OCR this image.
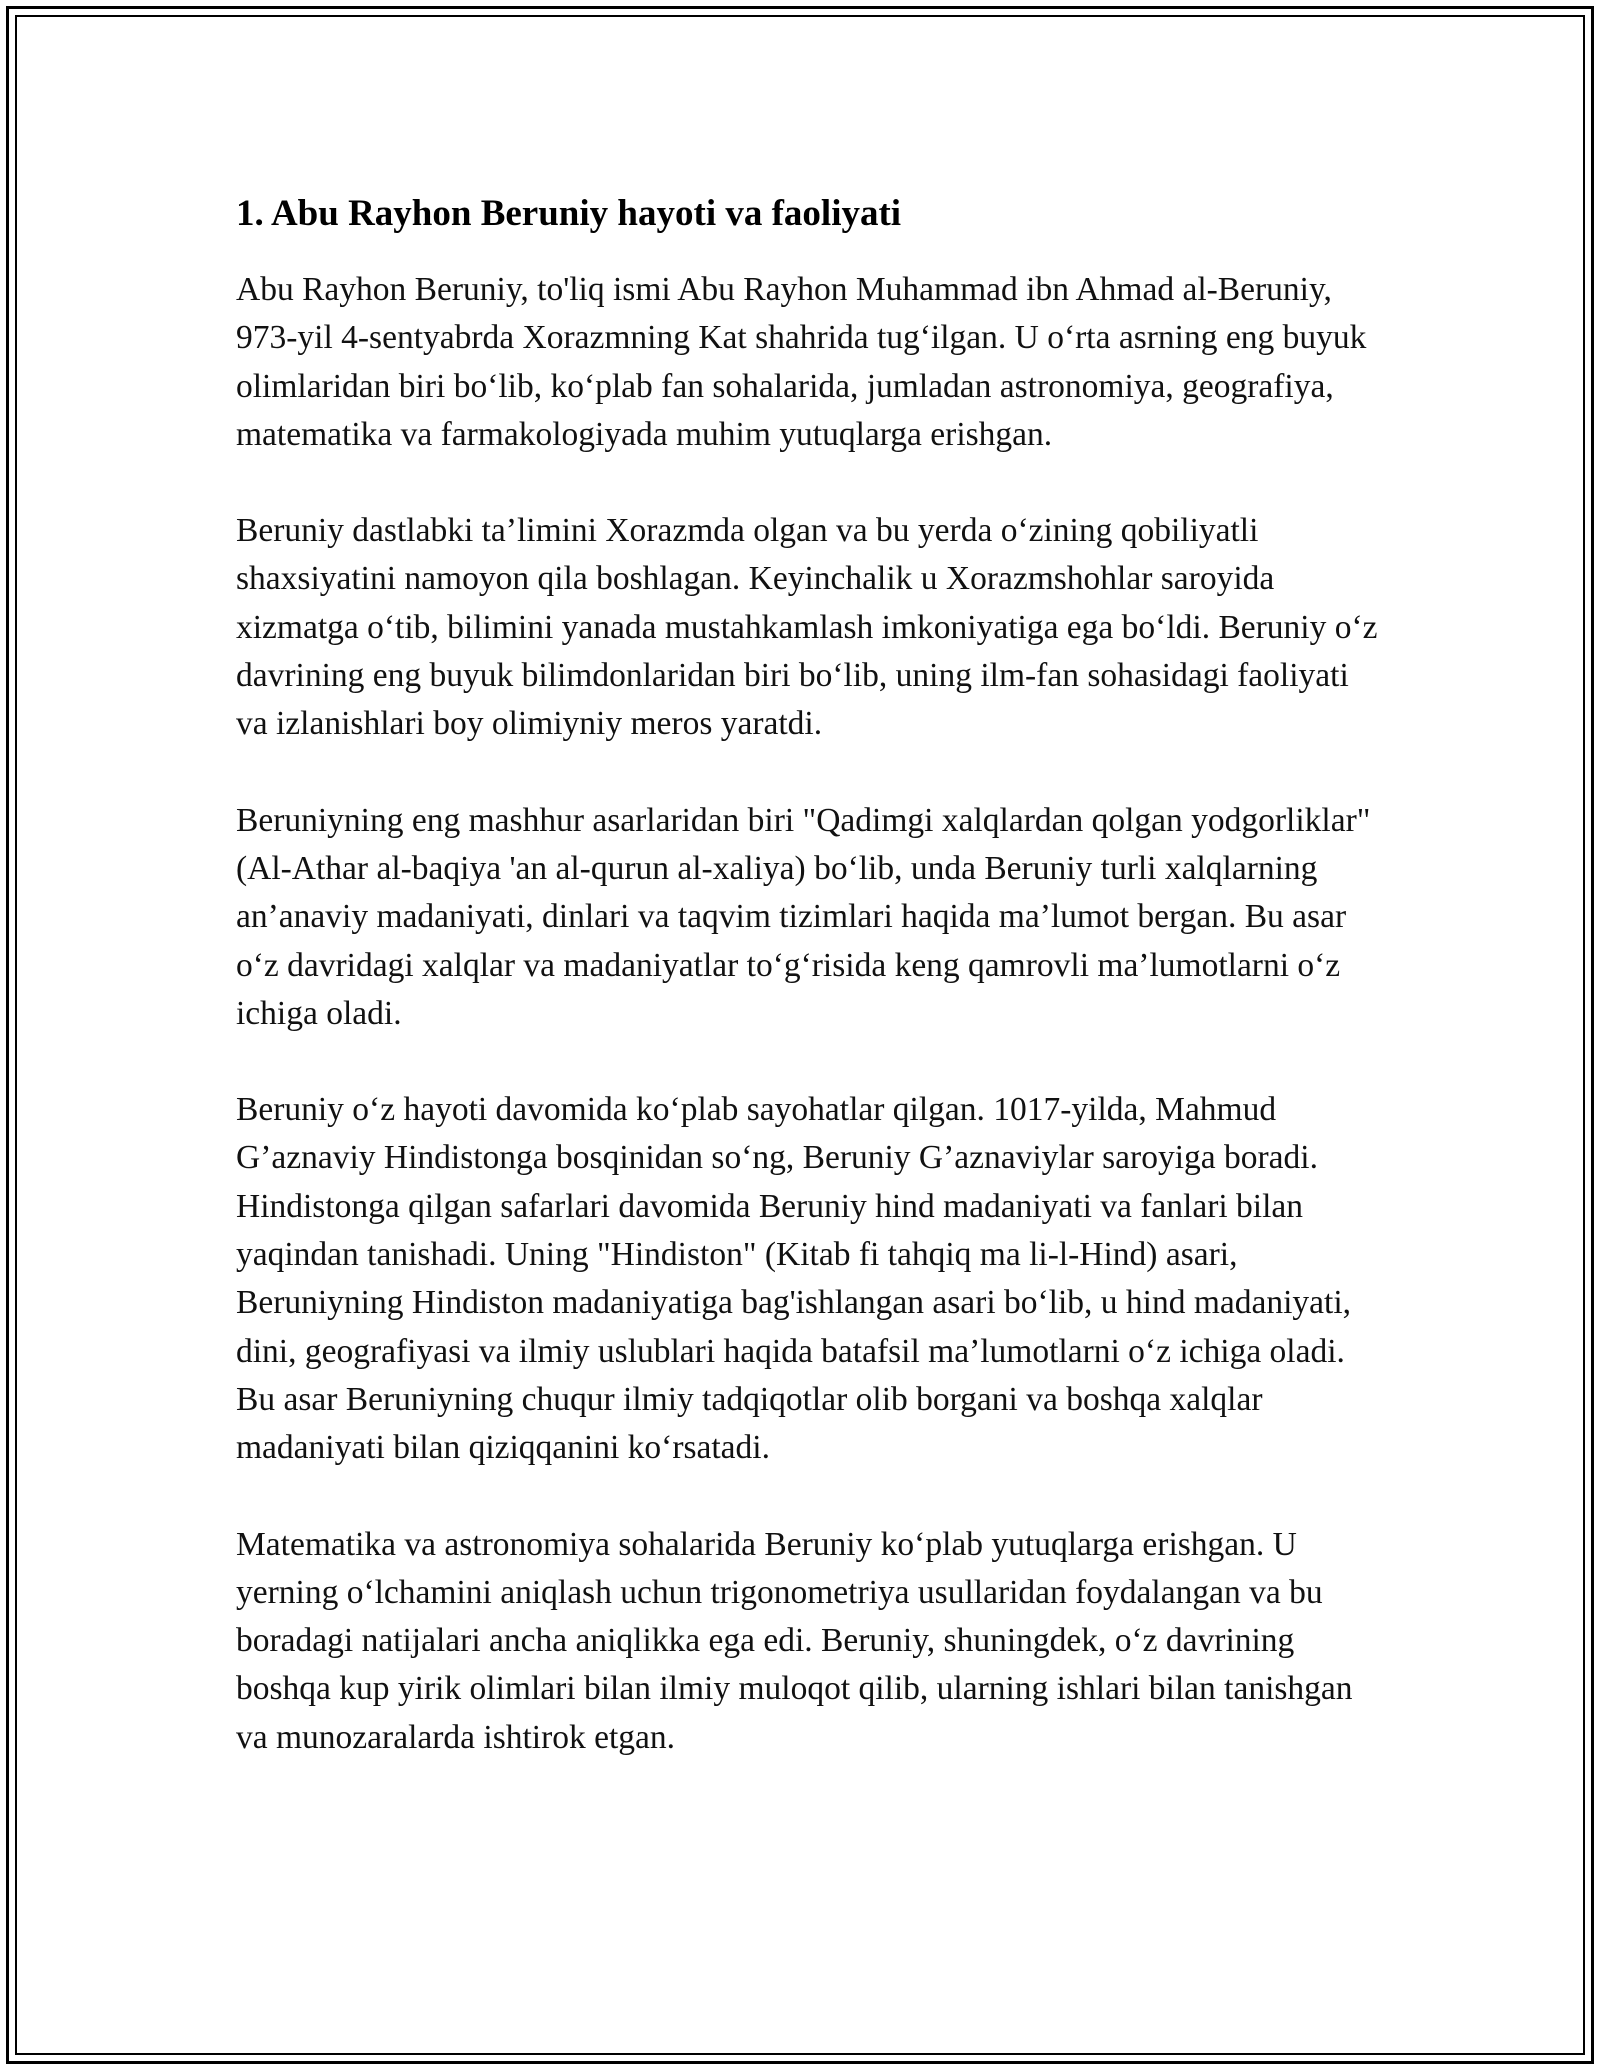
1. Abu Rayhon Beruniy hayoti va faoliyati

Abu Rayhon Beruniy, to'liq ismi Abu Rayhon Muhammad ibn Ahmad al-Beruniy, 973-yil 4-sentyabrda Xorazmning Kat shahrida tug‘ilgan. U o‘rta asrning eng buyuk olimlaridan biri bo‘lib, ko‘plab fan sohalarida, jumladan astronomiya, geografiya, matematika va farmakologiyada muhim yutuqlarga erishgan.

Beruniy dastlabki ta’limini Xorazmda olgan va bu yerda o‘zining qobiliyatli shaxsiyatini namoyon qila boshlagan. Keyinchalik u Xorazmshohlar saroyida xizmatga o‘tib, bilimini yanada mustahkamlash imkoniyatiga ega bo‘ldi. Beruniy o‘z davrining eng buyuk bilimdonlaridan biri bo‘lib, uning ilm-fan sohasidagi faoliyati va izlanishlari boy olimiyniy meros yaratdi.

Beruniyning eng mashhur asarlaridan biri "Qadimgi xalqlardan qolgan yodgorliklar" (Al-Athar al-baqiya 'an al-qurun al-xaliya) bo‘lib, unda Beruniy turli xalqlarning an’anaviy madaniyati, dinlari va taqvim tizimlari haqida ma’lumot bergan. Bu asar o‘z davridagi xalqlar va madaniyatlar to‘g‘risida keng qamrovli ma’lumotlarni o‘z ichiga oladi.

Beruniy o‘z hayoti davomida ko‘plab sayohatlar qilgan. 1017-yilda, Mahmud G’aznaviy Hindistonga bosqinidan so‘ng, Beruniy G’aznaviylar saroyiga boradi. Hindistonga qilgan safarlari davomida Beruniy hind madaniyati va fanlari bilan yaqindan tanishadi. Uning "Hindiston" (Kitab fi tahqiq ma li-l-Hind) asari, Beruniyning Hindiston madaniyatiga bag'ishlangan asari bo‘lib, u hind madaniyati, dini, geografiyasi va ilmiy uslublari haqida batafsil ma’lumotlarni o‘z ichiga oladi. Bu asar Beruniyning chuqur ilmiy tadqiqotlar olib borgani va boshqa xalqlar madaniyati bilan qiziqqanini ko‘rsatadi.

Matematika va astronomiya sohalarida Beruniy ko‘plab yutuqlarga erishgan. U yerning o‘lchamini aniqlash uchun trigonometriya usullaridan foydalangan va bu boradagi natijalari ancha aniqlikka ega edi. Beruniy, shuningdek, o‘z davrining boshqa kup yirik olimlari bilan ilmiy muloqot qilib, ularning ishlari bilan tanishgan va munozaralarda ishtirok etgan.
